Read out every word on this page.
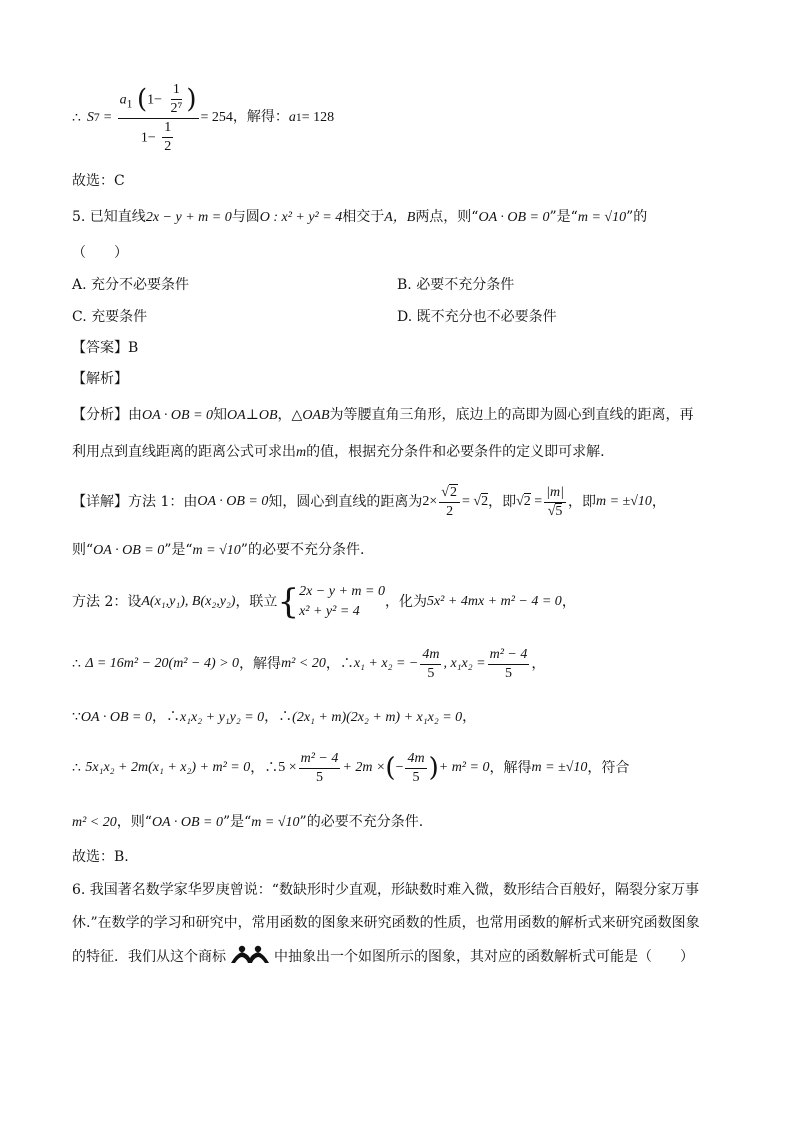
∴ S $7 = \frac{a_1 (1- \frac{1}{\text{2⁷}} )}{1- \frac{1}{2}} = 254$，解得： a 1 = 128
故选：C
5. 已知直线2x − y + m = 0与圆O : x² + y² = 4相交于A，B两点，则“OA · OB = 0”是“m = √10”的
（　　）
A. 充分不必要条件	B. 必要不充分条件
C. 充要条件	D. 既不充分也不必要条件
【答案】B
【解析】
【分析】由OA · OB = 0知OA⊥OB，△OAB为等腰直角三角形，底边上的高即为圆心到直线的距离，再
利用点到直线距离的距离公式可求出m的值，根据充分条件和必要条件的定义即可求解.
【详解】方法 1：由 OA · OB = 0 知，圆心到直线的距离为 $2\times \frac{√2}{2} = √2$ ，即 $√2 = \frac{|m|}{√5}$ ，即 m = ±√10 ，
则“OA · OB = 0”是“m = √10”的必要不充分条件.
方法 2：设 A(x₁,y₁), B(x₂,y₂) ，联立 { 2x − y + m = 0
x² + y² = 4
，化为 5x² + 4mx + m² − 4 = 0 ，
∴ Δ = 16m² − 20(m² − 4) > 0 ，解得 m² < 20 ，∴ x₁ + x₂ = − $\frac{4m}{5}$ , $x_1x_2 = \frac{\text{m² − 4}}{5}$ ，
∵OA · OB = 0，∴x₁x₂ + y₁y₂ = 0，∴(2x₁ + m)(2x₂ + m) + x₁x₂ = 0，
∴ 5x₁x₂ + 2m(x₁ + x₂) + m² = 0 ，∴ $5 \times \frac{\text{m² − 4}}{5} + 2m$ × ( − $\frac{4m}{5}$ ) + m² = 0 ，解得 m = ±√10 ，符合
m² < 20，则“OA · OB = 0”是“m = √10”的必要不充分条件.
故选：B.
6. 我国著名数学家华罗庚曾说：“数缺形时少直观，形缺数时难入微，数形结合百般好，隔裂分家万事
休.”在数学的学习和研究中，常用函数的图象来研究函数的性质，也常用函数的解析式来研究函数图象
的特征．我们从这个商标	中抽象出一个如图所示的图象，其对应的函数解析式可能是（　　）
